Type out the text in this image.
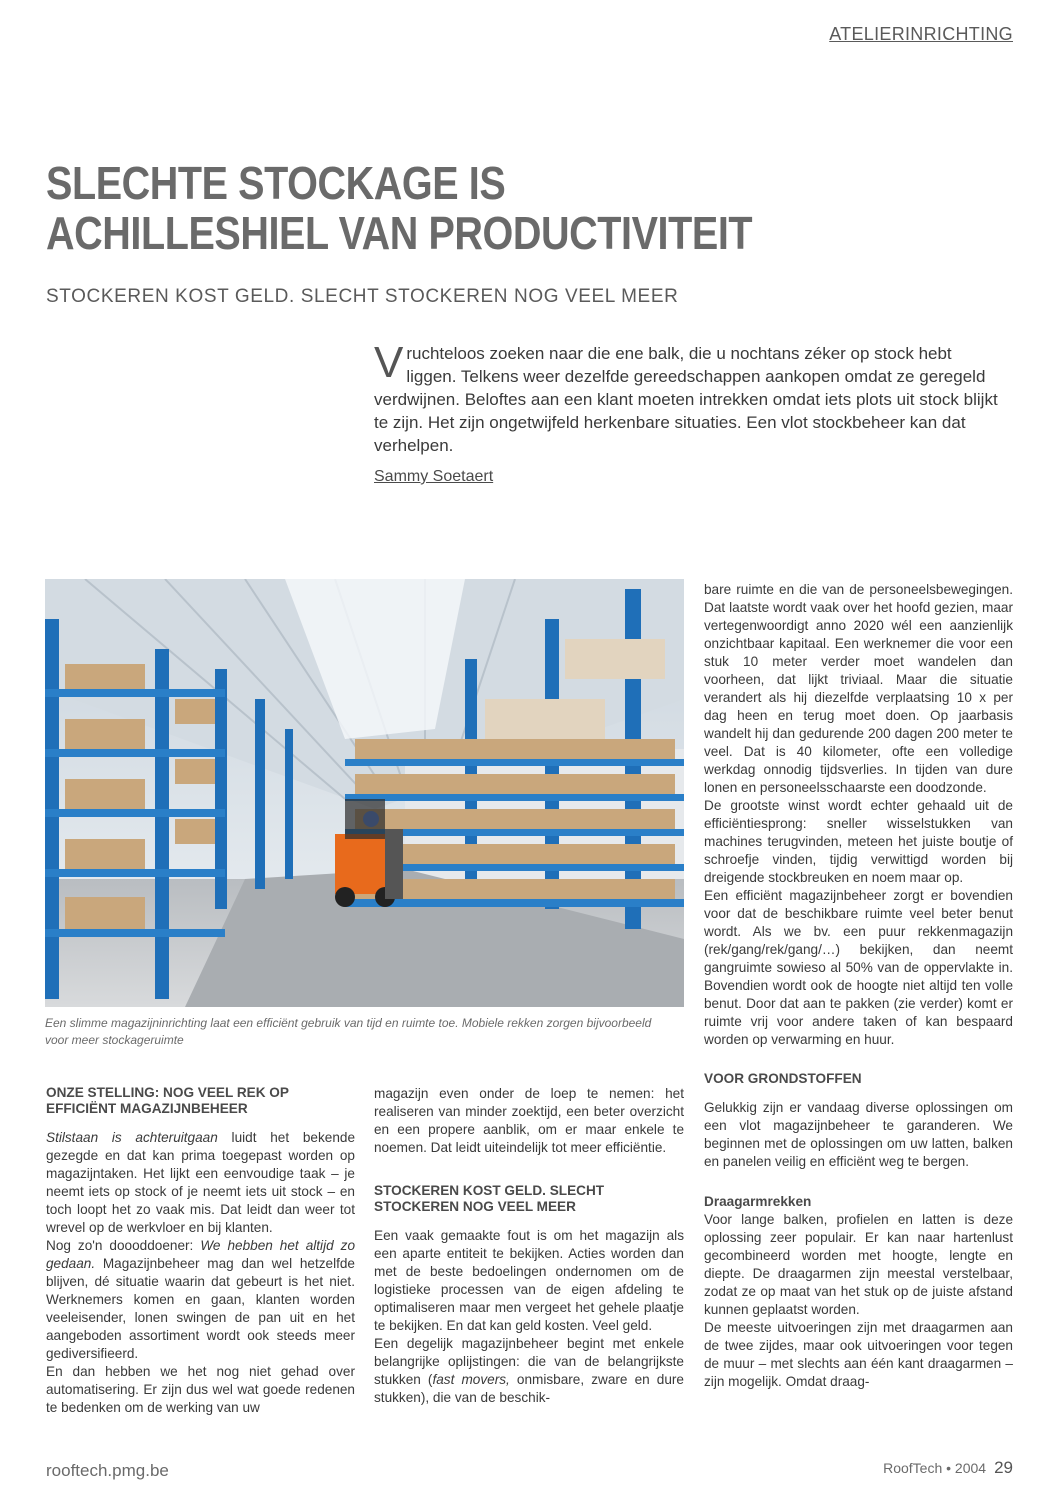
ATELIERINRICHTING
SLECHTE STOCKAGE IS
ACHILLESHIEL VAN PRODUCTIVITEIT
STOCKEREN KOST GELD. SLECHT STOCKEREN NOG VEEL MEER
Vruchteloos zoeken naar die ene balk, die u nochtans zéker op stock hebt liggen. Telkens weer dezelfde gereedschappen aankopen omdat ze geregeld verdwijnen. Beloftes aan een klant moeten intrekken omdat iets plots uit stock blijkt te zijn. Het zijn ongetwijfeld herkenbare situaties. Een vlot stockbeheer kan dat verhelpen.
Sammy Soetaert
Een slimme magazijninrichting laat een efficiënt gebruik van tijd en ruimte toe. Mobiele rekken zorgen bijvoorbeeld voor meer stockageruimte
ONZE STELLING: NOG VEEL REK OP EFFICIËNT MAGAZIJNBEHEER

Stilstaan is achteruitgaan luidt het bekende gezegde en dat kan prima toegepast worden op magazijntaken. Het lijkt een eenvoudige taak – je neemt iets op stock of je neemt iets uit stock – en toch loopt het zo vaak mis. Dat leidt dan weer tot wrevel op de werkvloer en bij klanten.

Nog zo'n doooddoener: We hebben het altijd zo gedaan. Magazijnbeheer mag dan wel hetzelfde blijven, dé situatie waarin dat gebeurt is het niet. Werknemers komen en gaan, klanten worden veeleisender, lonen swingen de pan uit en het aangeboden assortiment wordt ook steeds meer gediversifieerd.

En dan hebben we het nog niet gehad over automatisering. Er zijn dus wel wat goede redenen te bedenken om de werking van uw

magazijn even onder de loep te nemen: het realiseren van minder zoektijd, een beter overzicht en een propere aanblik, om er maar enkele te noemen. Dat leidt uiteindelijk tot meer efficiëntie.

STOCKEREN KOST GELD. SLECHT STOCKEREN NOG VEEL MEER

Een vaak gemaakte fout is om het magazijn als een aparte entiteit te bekijken. Acties worden dan met de beste bedoelingen ondernomen om de logistieke processen van de eigen afdeling te optimaliseren maar men vergeet het gehele plaatje te bekijken. En dat kan geld kosten. Veel geld.

Een degelijk magazijnbeheer begint met enkele belangrijke oplijstingen: die van de belangrijkste stukken (fast movers, onmisbare, zware en dure stukken), die van de beschik-

bare ruimte en die van de personeelsbewegingen. Dat laatste wordt vaak over het hoofd gezien, maar vertegenwoordigt anno 2020 wél een aanzienlijk onzichtbaar kapitaal. Een werknemer die voor een stuk 10 meter verder moet wandelen dan voorheen, dat lijkt triviaal. Maar die situatie verandert als hij diezelfde verplaatsing 10 x per dag heen en terug moet doen. Op jaarbasis wandelt hij dan gedurende 200 dagen 200 meter te veel. Dat is 40 kilometer, ofte een volledige werkdag onnodig tijdsverlies. In tijden van dure lonen en personeelsschaarste een doodzonde.

De grootste winst wordt echter gehaald uit de efficiëntiesprong: sneller wisselstukken van machines terugvinden, meteen het juiste boutje of schroefje vinden, tijdig verwittigd worden bij dreigende stockbreuken en noem maar op.

Een efficiënt magazijnbeheer zorgt er bovendien voor dat de beschikbare ruimte veel beter benut wordt. Als we bv. een puur rekkenmagazijn (rek/gang/rek/gang/…) bekijken, dan neemt gangruimte sowieso al 50% van de oppervlakte in. Bovendien wordt ook de hoogte niet altijd ten volle benut. Door dat aan te pakken (zie verder) komt er ruimte vrij voor andere taken of kan bespaard worden op verwarming en huur.

VOOR GRONDSTOFFEN

Gelukkig zijn er vandaag diverse oplossingen om een vlot magazijnbeheer te garanderen. We beginnen met de oplossingen om uw latten, balken en panelen veilig en efficiënt weg te bergen.

Draagarmrekken

Voor lange balken, profielen en latten is deze oplossing zeer populair. Er kan naar hartenlust gecombineerd worden met hoogte, lengte en diepte. De draagarmen zijn meestal verstelbaar, zodat ze op maat van het stuk op de juiste afstand kunnen geplaatst worden.

De meeste uitvoeringen zijn met draagarmen aan de twee zijdes, maar ook uitvoeringen voor tegen de muur – met slechts aan één kant draagarmen – zijn mogelijk. Omdat draag-

rooftech.pmg.be	RoofTech • 2004 29
